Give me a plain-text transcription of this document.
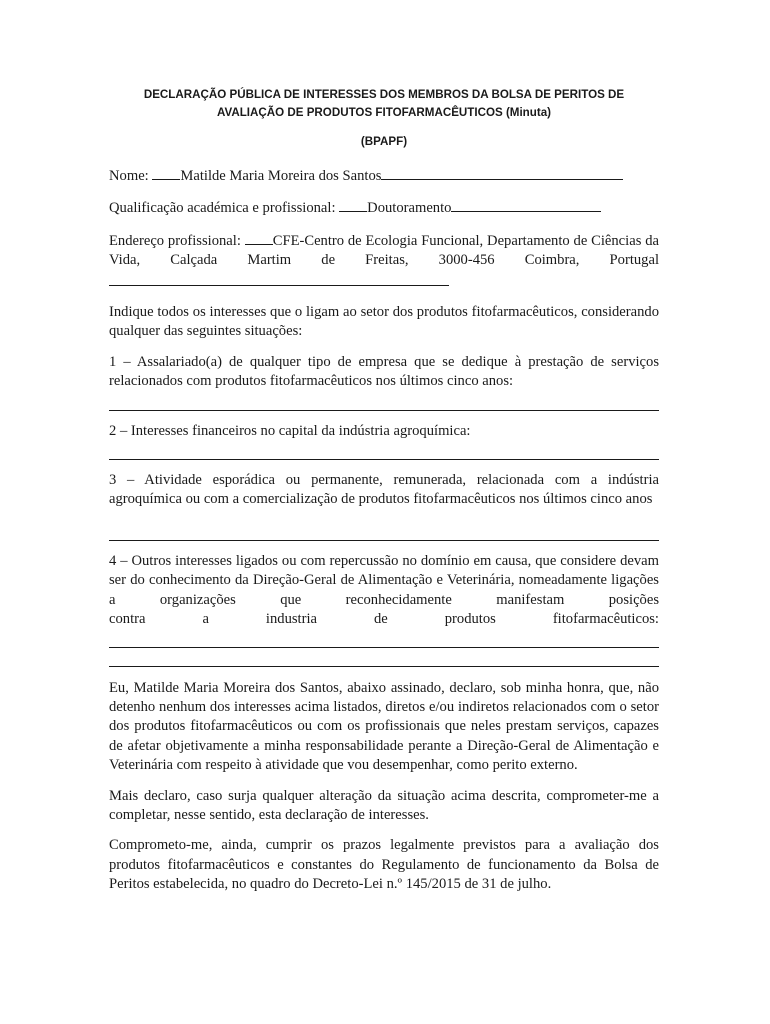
DECLARAÇÃO PÚBLICA DE INTERESSES DOS MEMBROS DA BOLSA DE PERITOS DE AVALIAÇÃO DE PRODUTOS FITOFARMACÊUTICOS (Minuta)

(BPAPF)

Nome: Matilde Maria Moreira dos Santos

Qualificação académica e profissional: Doutoramento

Endereço profissional: CFE-Centro de Ecologia Funcional, Departamento de Ciências da Vida, Calçada Martim de Freitas, 3000-456 Coimbra, Portugal

Indique todos os interesses que o ligam ao setor dos produtos fitofarmacêuticos, considerando qualquer das seguintes situações:

1 – Assalariado(a) de qualquer tipo de empresa que se dedique à prestação de serviços relacionados com produtos fitofarmacêuticos nos últimos cinco anos:

2 – Interesses financeiros no capital da indústria agroquímica:

3 – Atividade esporádica ou permanente, remunerada, relacionada com a indústria agroquímica ou com a comercialização de produtos fitofarmacêuticos nos últimos cinco anos

4 – Outros interesses ligados ou com repercussão no domínio em causa, que considere devam ser do conhecimento da Direção-Geral de Alimentação e Veterinária, nomeadamente ligações a organizações que reconhecidamente manifestam posições

contra a industria de produtos fitofarmacêuticos:

Eu, Matilde Maria Moreira dos Santos, abaixo assinado, declaro, sob minha honra, que, não detenho nenhum dos interesses acima listados, diretos e/ou indiretos relacionados com o setor dos produtos fitofarmacêuticos ou com os profissionais que neles prestam serviços, capazes de afetar objetivamente a minha responsabilidade perante a Direção-Geral de Alimentação e Veterinária com respeito à atividade que vou desempenhar, como perito externo.

Mais declaro, caso surja qualquer alteração da situação acima descrita, comprometer-me a completar, nesse sentido, esta declaração de interesses.

Comprometo-me, ainda, cumprir os prazos legalmente previstos para a avaliação dos produtos fitofarmacêuticos e constantes do Regulamento de funcionamento da Bolsa de Peritos estabelecida, no quadro do Decreto-Lei n.º 145/2015 de 31 de julho.
